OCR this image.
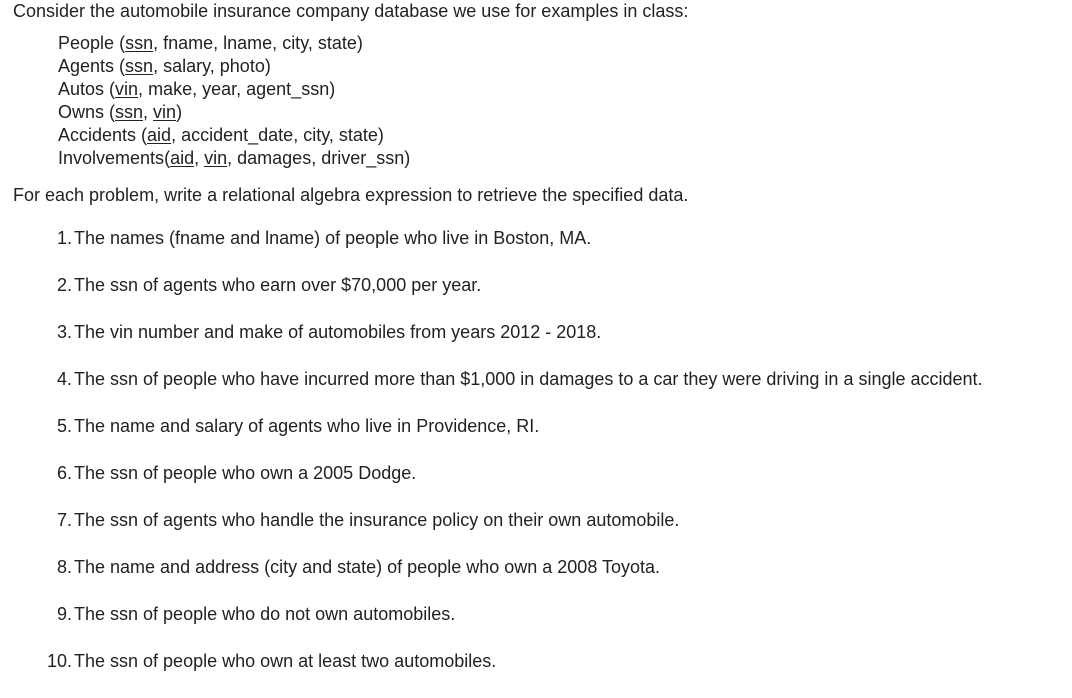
Consider the automobile insurance company database we use for examples in class:
People (ssn, fname, lname, city, state)
Agents (ssn, salary, photo)
Autos (vin, make, year, agent_ssn)
Owns (ssn, vin)
Accidents (aid, accident_date, city, state)
Involvements(aid, vin, damages, driver_ssn)
For each problem, write a relational algebra expression to retrieve the specified data.
1. The names (fname and lname) of people who live in Boston, MA.
2. The ssn of agents who earn over $70,000 per year.
3. The vin number and make of automobiles from years 2012 - 2018.
4. The ssn of people who have incurred more than $1,000 in damages to a car they were driving in a single accident.
5. The name and salary of agents who live in Providence, RI.
6. The ssn of people who own a 2005 Dodge.
7. The ssn of agents who handle the insurance policy on their own automobile.
8. The name and address (city and state) of people who own a 2008 Toyota.
9. The ssn of people who do not own automobiles.
10. The ssn of people who own at least two automobiles.
